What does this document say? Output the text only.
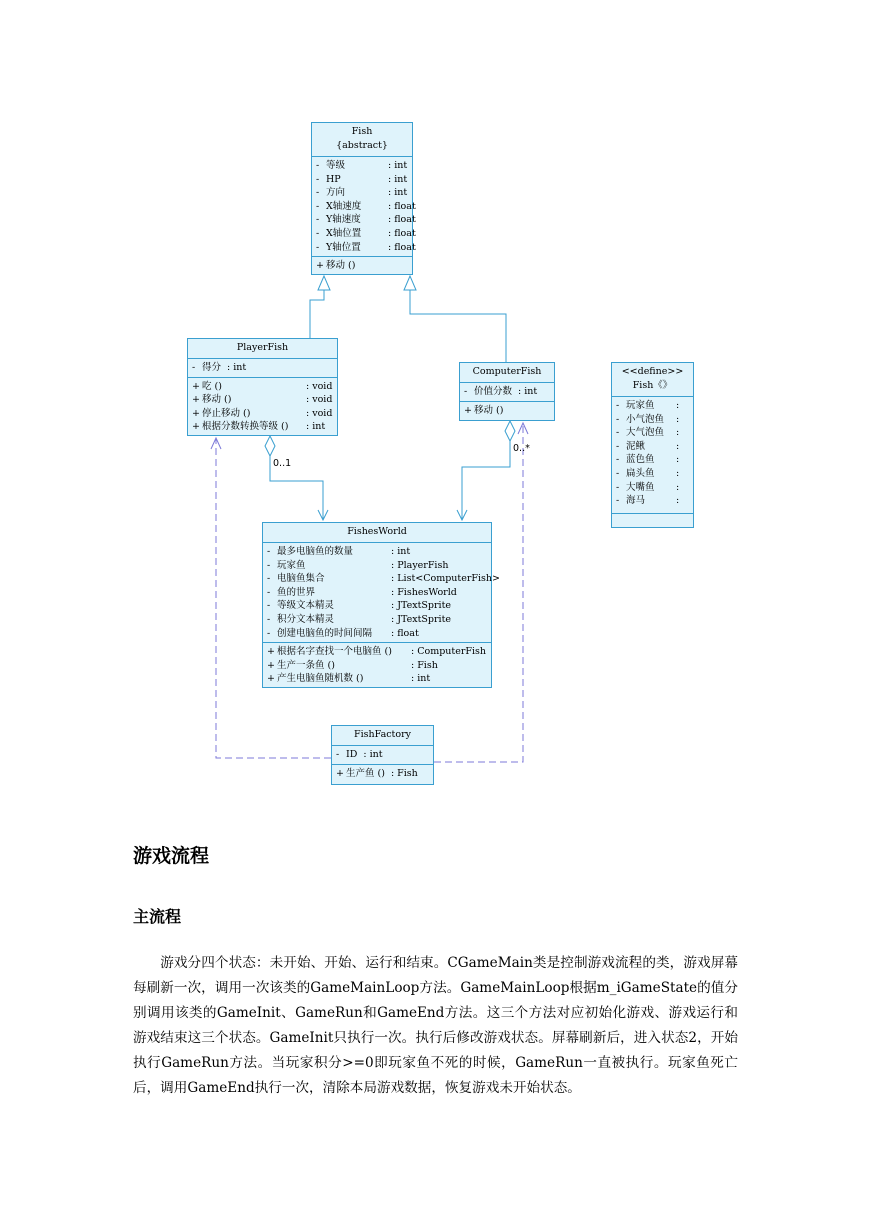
0..1
0..*
Fish
{abstract}
- 等级	: int
- HP	: int
- 方向	: int
- X轴速度	: float
- Y轴速度	: float
- X轴位置	: float
- Y轴位置	: float
+ 移动 ()
PlayerFish
- 得分 : int
+ 吃 ()	: void
+ 移动 ()	: void
+ 停止移动 ()	: void
+ 根据分数转换等级 ()	: int
ComputerFish
- 价值分数 : int
+ 移动 ()
<<define>>
Fish《》
- 玩家鱼	:
- 小气泡鱼	:
- 大气泡鱼	:
- 泥鳅	:
- 蓝色鱼	:
- 扁头鱼	:
- 大嘴鱼	:
- 海马	:
FishesWorld
- 最多电脑鱼的数量	: int
- 玩家鱼	: PlayerFish
- 电脑鱼集合	: List<ComputerFish>
- 鱼的世界	: FishesWorld
- 等级文本精灵	: JTextSprite
- 积分文本精灵	: JTextSprite
- 创建电脑鱼的时间间隔	: float
+ 根据名字查找一个电脑鱼 ()	: ComputerFish
+ 生产一条鱼 ()	: Fish
+ 产生电脑鱼随机数 ()	: int
FishFactory
- ID : int
+ 生产鱼 () : Fish
游戏流程
主流程

游戏分四个状态：未开始、开始、运行和结束。CGameMain类是控制游戏流程的类，游戏屏幕每刷新一次，调用一次该类的GameMainLoop方法。GameMainLoop根据m_iGameState的值分别调用该类的GameInit、GameRun和GameEnd方法。这三个方法对应初始化游戏、游戏运行和游戏结束这三个状态。GameInit只执行一次。执行后修改游戏状态。屏幕刷新后，进入状态2，开始执行GameRun方法。当玩家积分>=0即玩家鱼不死的时候，GameRun一直被执行。玩家鱼死亡后，调用GameEnd执行一次，清除本局游戏数据，恢复游戏未开始状态。
